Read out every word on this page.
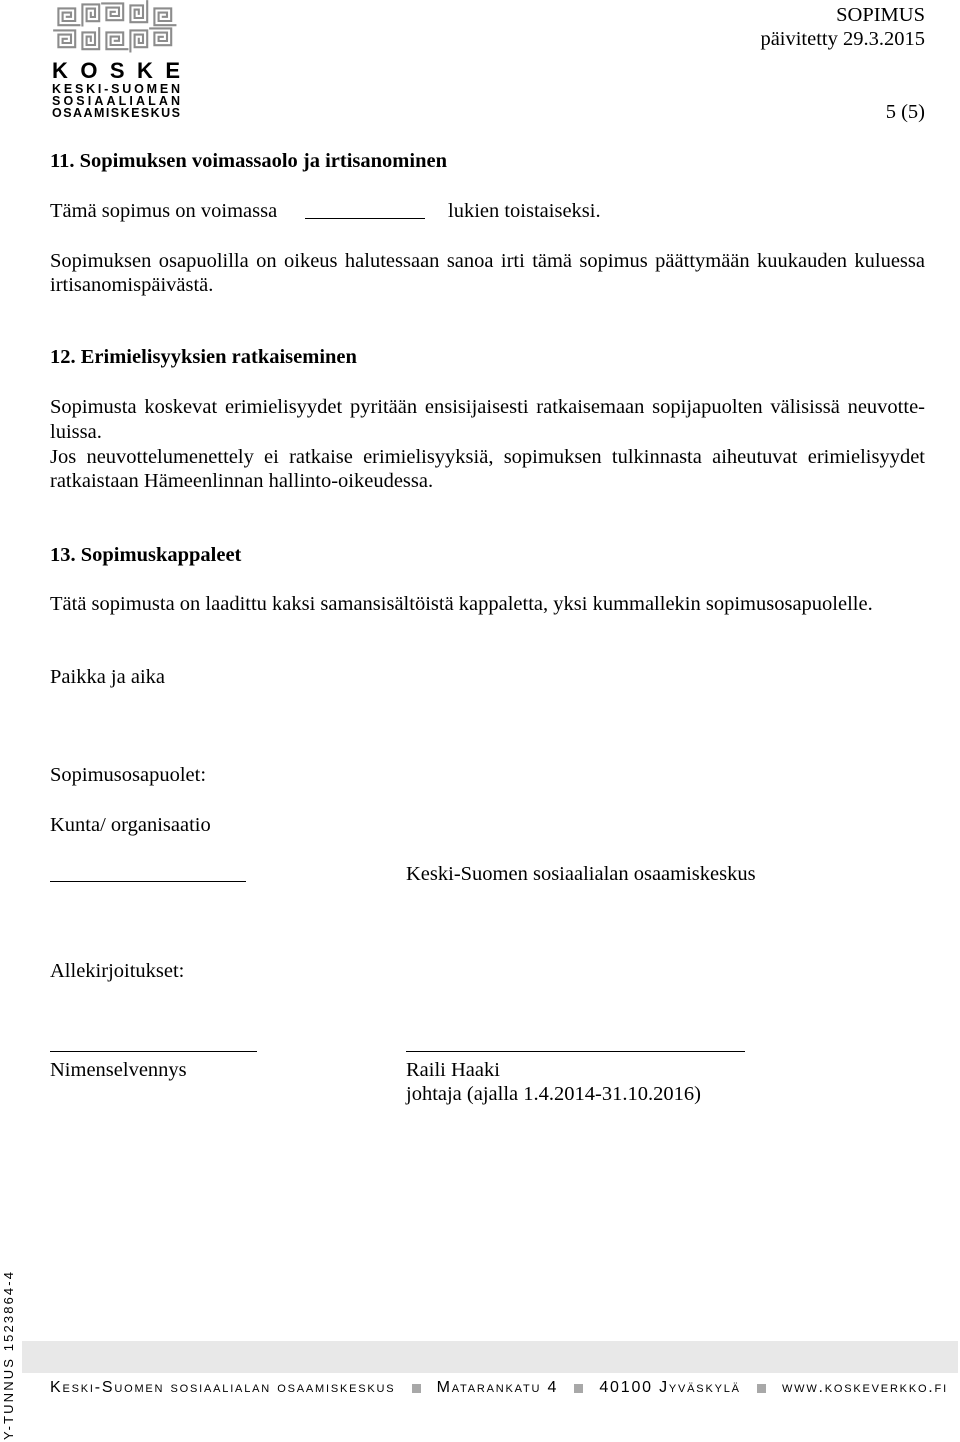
KOSKE
KESKI-SUOMEN
SOSIAALIALAN
OSAAMISKESKUS
SOPIMUS
päivitetty 29.3.2015
5 (5)
11. Sopimuksen voimassaolo ja irtisanominen
Tämä sopimus on voimassa	lukien toistaiseksi.
Sopimuksen osapuolilla on oikeus halutessaan sanoa irti tämä sopimus päättymään kuukauden kuluessa
irtisanomispäivästä.
12. Erimielisyyksien ratkaiseminen
Sopimusta koskevat erimielisyydet pyritään ensisijaisesti ratkaisemaan sopijapuolten välisissä neuvotte-
luissa.
Jos neuvottelumenettely ei ratkaise erimielisyyksiä, sopimuksen tulkinnasta aiheutuvat erimielisyydet
ratkaistaan Hämeenlinnan hallinto-oikeudessa.
13. Sopimuskappaleet
Tätä sopimusta on laadittu kaksi samansisältöistä kappaletta, yksi kummallekin sopimusosapuolelle.
Paikka ja aika
Sopimusosapuolet:
Kunta/ organisaatio
Keski-Suomen sosiaalialan osaamiskeskus
Allekirjoitukset:
Nimenselvennys	Raili Haaki
johtaja (ajalla 1.4.2014-31.10.2016)
Y-TUNNUS 1523864-4
Keski-Suomen sosiaalialan osaamiskeskus	Matarankatu 4	40100 Jyväskylä	www.koskeverkko.fi
